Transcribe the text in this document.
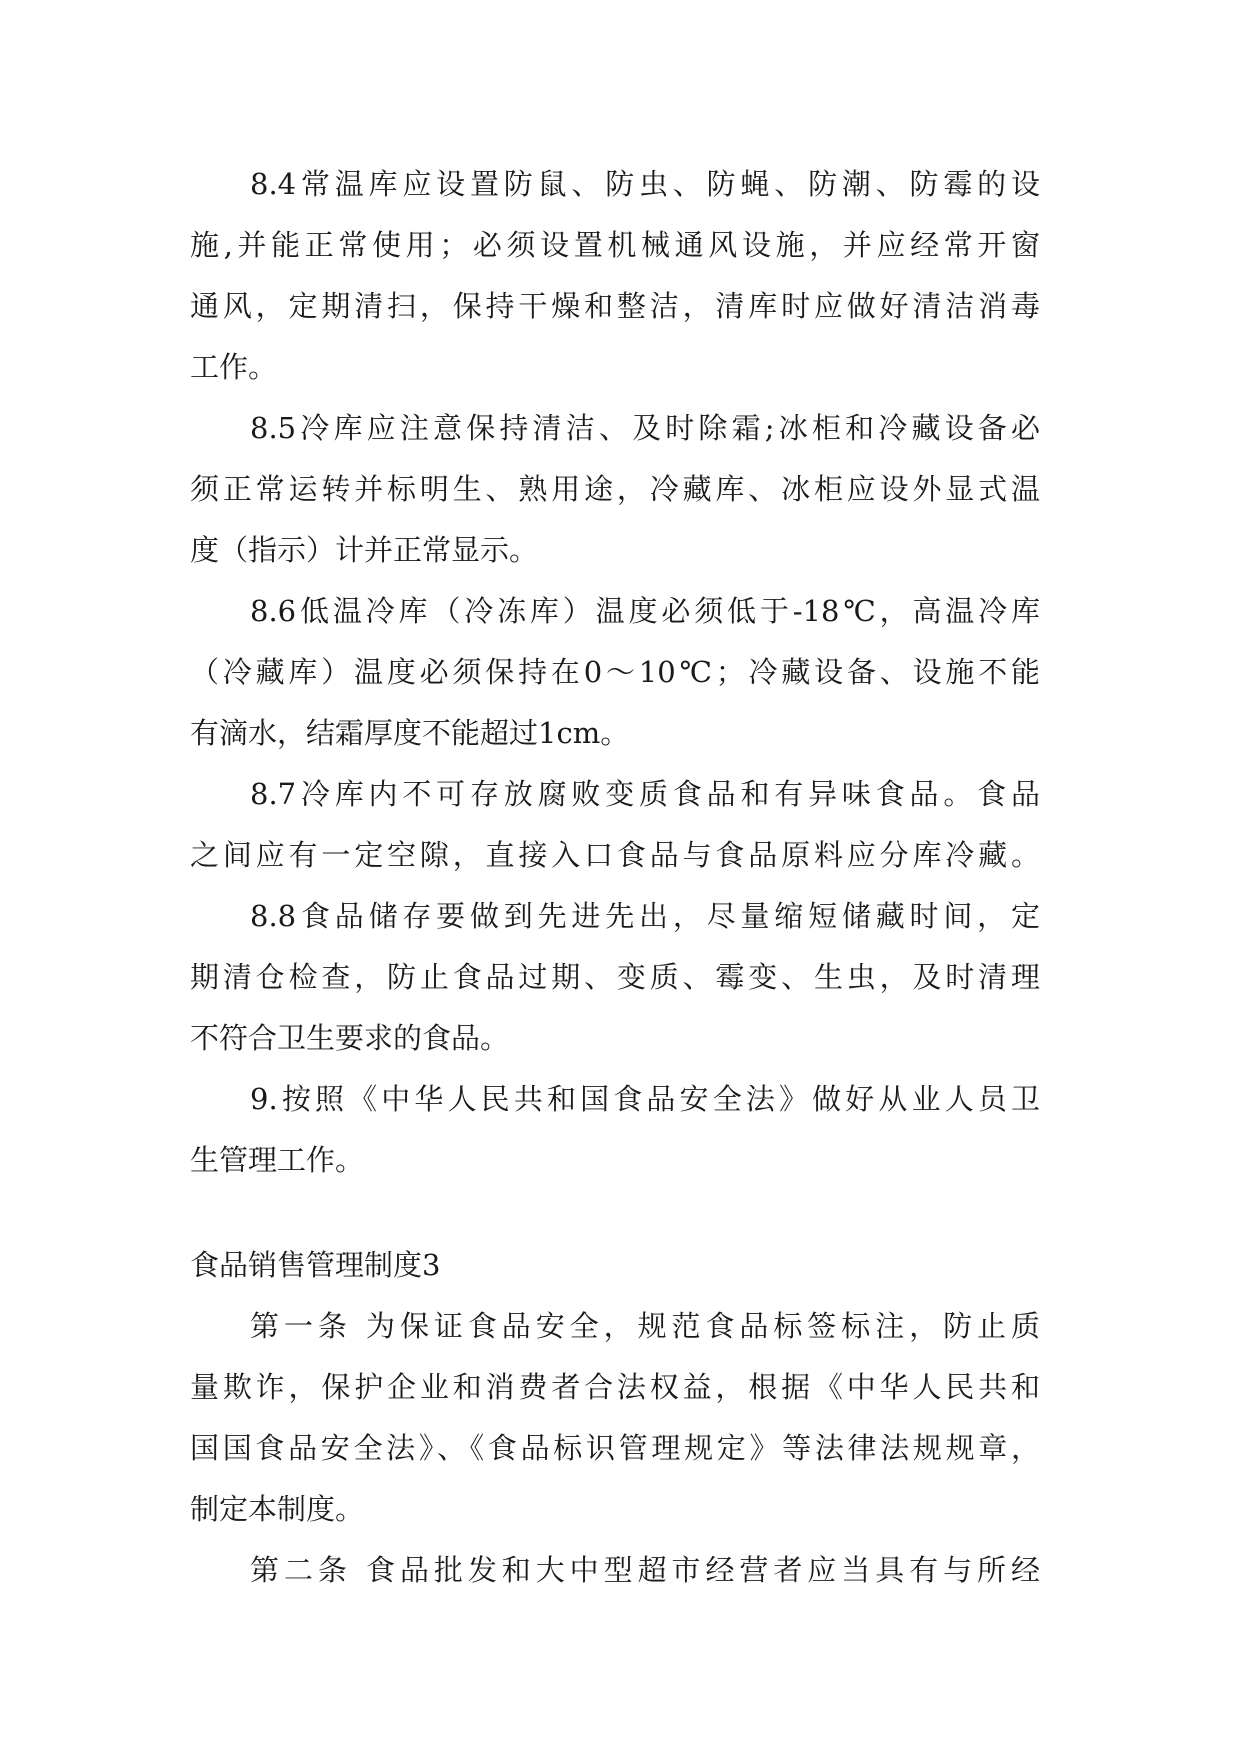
8.4常温库应设置防鼠、防虫、防蝇、防潮、防霉的设
施,并能正常使用；必须设置机械通风设施，并应经常开窗
通风，定期清扫，保持干燥和整洁，清库时应做好清洁消毒
工作。
8.5冷库应注意保持清洁、及时除霜;冰柜和冷藏设备必
须正常运转并标明生、熟用途，冷藏库、冰柜应设外显式温
度（指示）计并正常显示。
8.6低温冷库（冷冻库）温度必须低于-18℃，高温冷库
（冷藏库）温度必须保持在0～10℃；冷藏设备、设施不能
有滴水，结霜厚度不能超过1cm。
8.7冷库内不可存放腐败变质食品和有异味食品。食品
之间应有一定空隙，直接入口食品与食品原料应分库冷藏。
8.8食品储存要做到先进先出，尽量缩短储藏时间，定
期清仓检查，防止食品过期、变质、霉变、生虫，及时清理
不符合卫生要求的食品。
9.按照《中华人民共和国食品安全法》做好从业人员卫
生管理工作。
食品销售管理制度3
第一条 为保证食品安全，规范食品标签标注，防止质
量欺诈，保护企业和消费者合法权益，根据《中华人民共和
国国食品安全法》、《食品标识管理规定》等法律法规规章，
制定本制度。
第二条 食品批发和大中型超市经营者应当具有与所经
